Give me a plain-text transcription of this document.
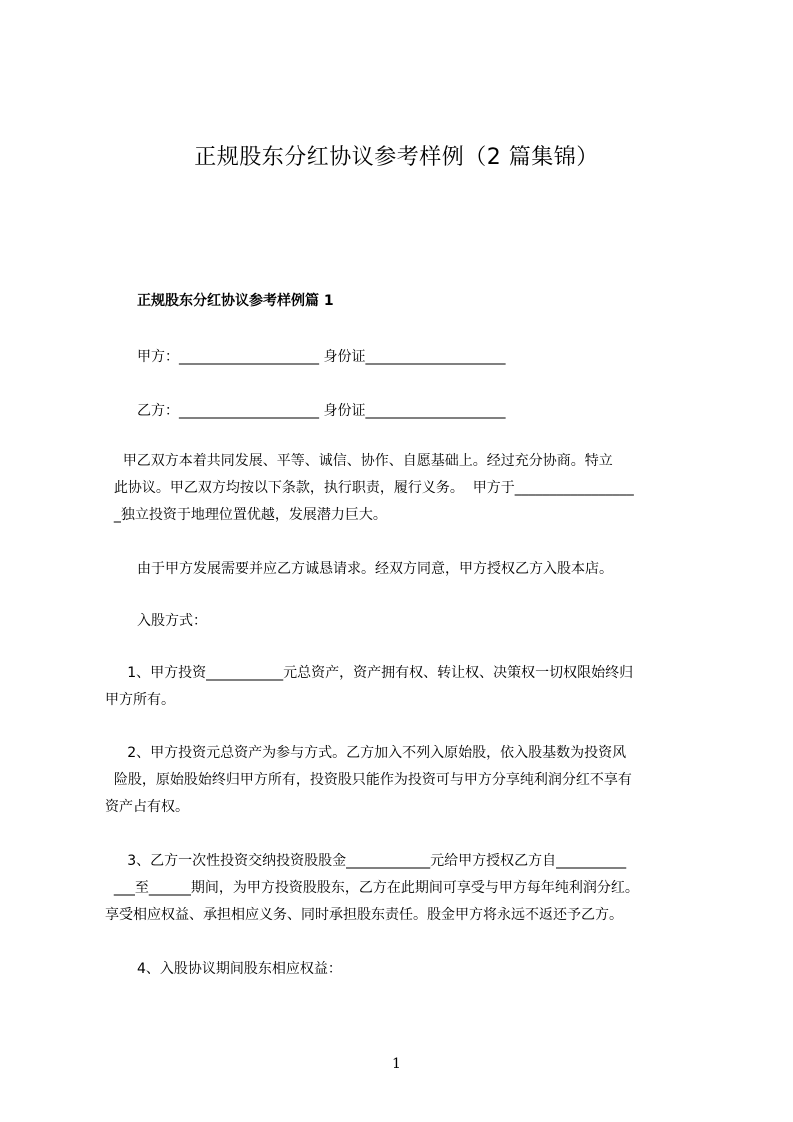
正规股东分红协议参考样例（2 篇集锦）
正规股东分红协议参考样例篇 1
甲方：____________________ 身份证____________________
乙方：____________________ 身份证____________________
甲乙双方本着共同发展、平等、诚信、协作、自愿基础上。经过充分协商。特立
此协议。甲乙双方均按以下条款，执行职责，履行义务。  甲方于_________________
_独立投资于地理位置优越，发展潜力巨大。
由于甲方发展需要并应乙方诚恳请求。经双方同意，甲方授权乙方入股本店。
入股方式：
1、甲方投资___________元总资产，资产拥有权、转让权、决策权一切权限始终归
甲方所有。
2、甲方投资元总资产为参与方式。乙方加入不列入原始股，依入股基数为投资风
险股，原始股始终归甲方所有，投资股只能作为投资可与甲方分享纯利润分红不享有
资产占有权。
3、乙方一次性投资交纳投资股股金____________元给甲方授权乙方自__________
___至______期间，为甲方投资股股东，乙方在此期间可享受与甲方每年纯利润分红。
享受相应权益、承担相应义务、同时承担股东责任。股金甲方将永远不返还予乙方。
4、入股协议期间股东相应权益：
1
